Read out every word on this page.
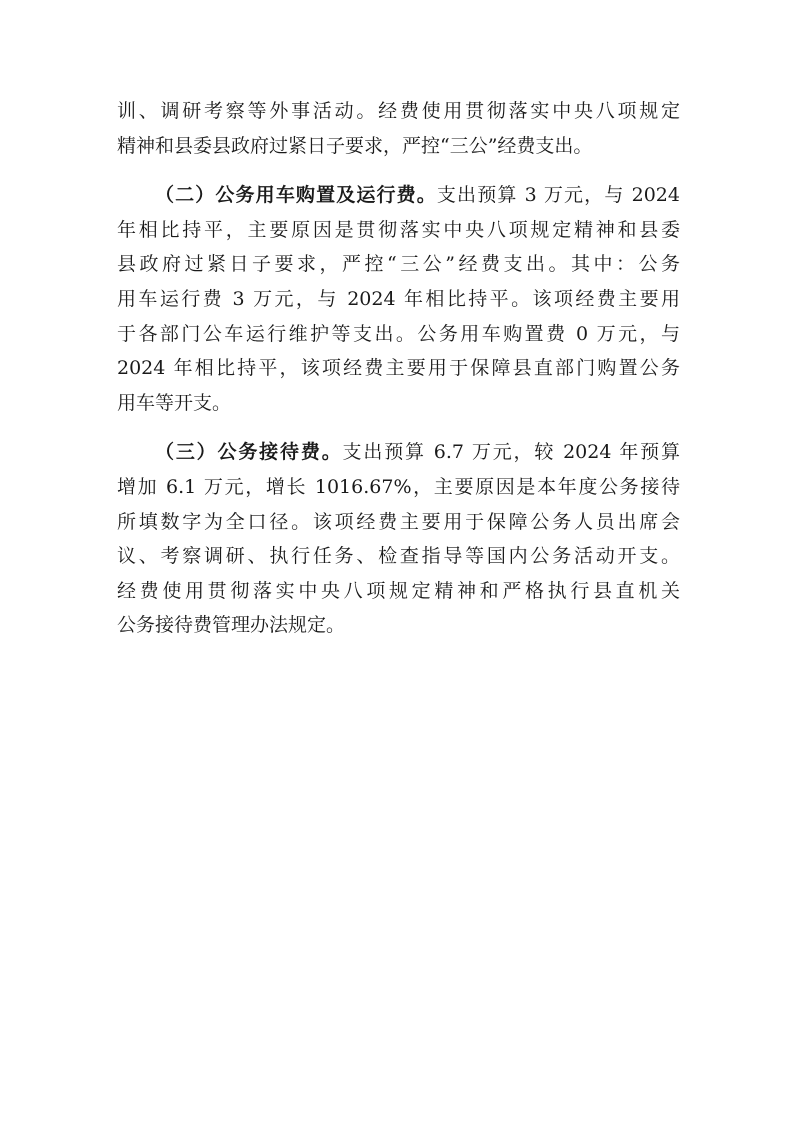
训、调研考察等外事活动。经费使用贯彻落实中央八项规定
精神和县委县政府过紧日子要求，严控“三公”经费支出。
（二）公务用车购置及运行费。支出预算 3 万元，与 2024
年相比持平，主要原因是贯彻落实中央八项规定精神和县委
县政府过紧日子要求，严控“三公”经费支出。其中：公务
用车运行费 3 万元，与 2024 年相比持平。该项经费主要用
于各部门公车运行维护等支出。公务用车购置费 0 万元，与
2024 年相比持平，该项经费主要用于保障县直部门购置公务
用车等开支。
（三）公务接待费。支出预算 6.7 万元，较 2024 年预算
增加 6.1 万元，增长 1016.67%，主要原因是本年度公务接待
所填数字为全口径。该项经费主要用于保障公务人员出席会
议、考察调研、执行任务、检查指导等国内公务活动开支。
经费使用贯彻落实中央八项规定精神和严格执行县直机关
公务接待费管理办法规定。
